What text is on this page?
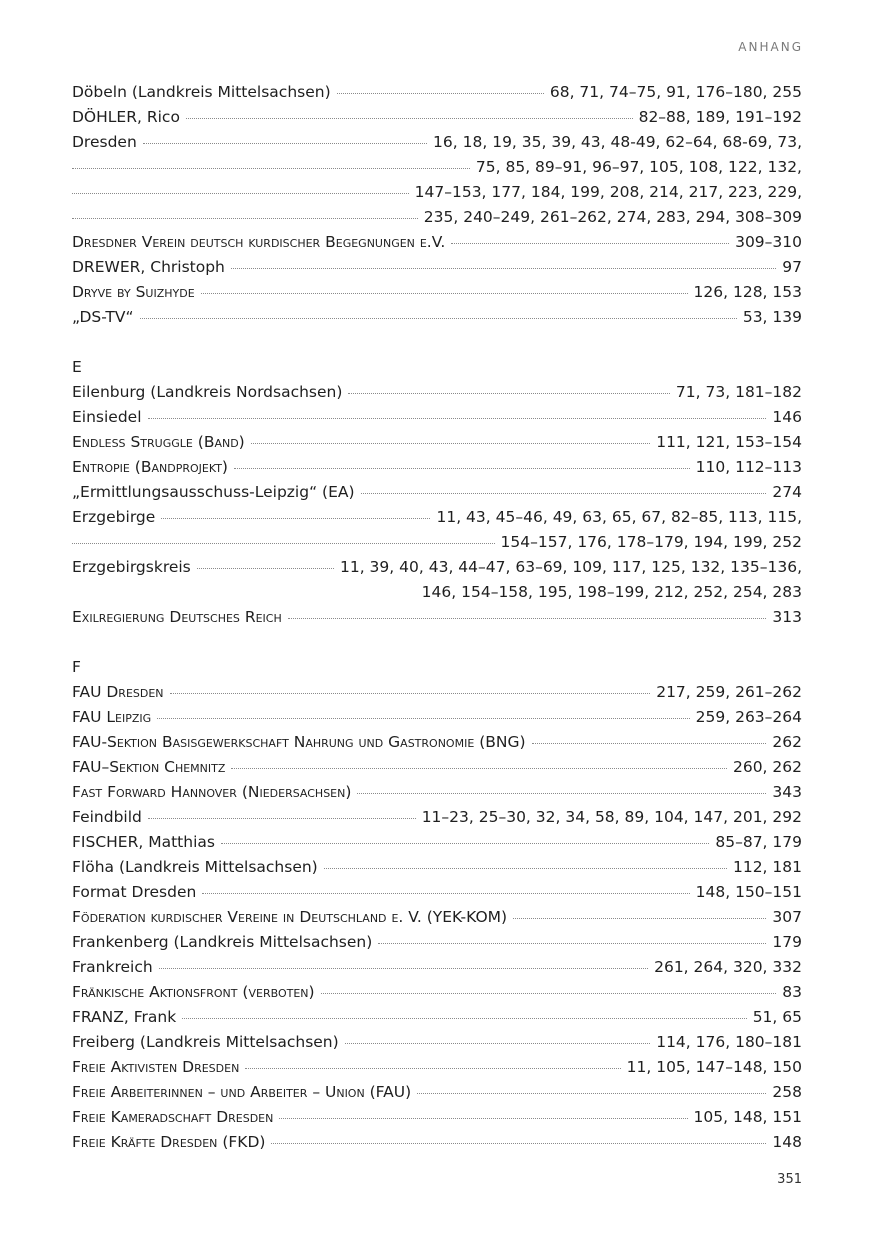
ANHANG
Döbeln (Landkreis Mittelsachsen)	68, 71, 74–75, 91, 176–180, 255
DÖHLER, Rico	82–88, 189, 191–192
Dresden	16, 18, 19, 35, 39, 43, 48-49, 62–64, 68-69, 73,
75, 85, 89–91, 96–97, 105, 108, 122, 132,
147–153, 177, 184, 199, 208, 214, 217, 223, 229,
235, 240–249, 261–262, 274, 283, 294, 308–309
Dresdner Verein deutsch kurdischer Begegnungen e.V.	309–310
DREWER, Christoph	97
Dryve by Suizhyde	126, 128, 153
„DS-TV“	53, 139
E
Eilenburg (Landkreis Nordsachsen)	71, 73, 181–182
Einsiedel	146
Endless Struggle (Band)	111, 121, 153–154
Entropie (Bandprojekt)	110, 112–113
„Ermittlungsausschuss-Leipzig“ (EA)	274
Erzgebirge	11, 43, 45–46, 49, 63, 65, 67, 82–85, 113, 115,
154–157, 176, 178–179, 194, 199, 252
Erzgebirgskreis	11, 39, 40, 43, 44–47, 63–69, 109, 117, 125, 132, 135–136,
146, 154–158, 195, 198–199, 212, 252, 254, 283
Exilregierung Deutsches Reich	313
F
FAU Dresden	217, 259, 261–262
FAU Leipzig	259, 263–264
FAU-Sektion Basisgewerkschaft Nahrung und Gastronomie (BNG)	262
FAU–Sektion Chemnitz	260, 262
Fast Forward Hannover (Niedersachsen)	343
Feindbild	11–23, 25–30, 32, 34, 58, 89, 104, 147, 201, 292
FISCHER, Matthias	85–87, 179
Flöha (Landkreis Mittelsachsen)	112, 181
Format Dresden	148, 150–151
Föderation kurdischer Vereine in Deutschland e. V. (YEK-KOM)	307
Frankenberg (Landkreis Mittelsachsen)	179
Frankreich	261, 264, 320, 332
Fränkische Aktionsfront (verboten)	83
FRANZ, Frank	51, 65
Freiberg (Landkreis Mittelsachsen)	114, 176, 180–181
Freie Aktivisten Dresden	11, 105, 147–148, 150
Freie Arbeiterinnen – und Arbeiter – Union (FAU)	258
Freie Kameradschaft Dresden	105, 148, 151
Freie Kräfte Dresden (FKD)	148
351
